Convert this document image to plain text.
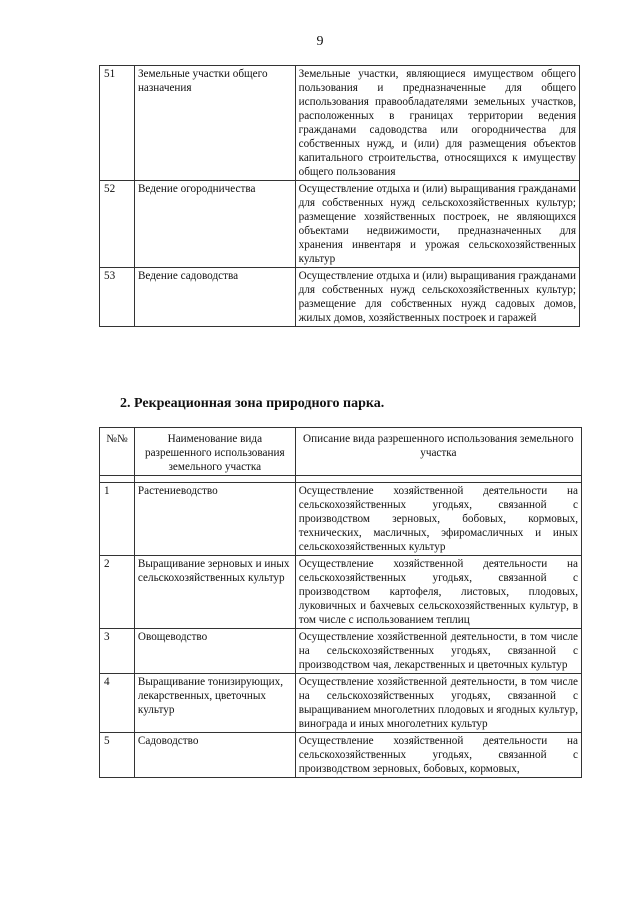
9
51	Земельные участки общего назначения	Земельные участки, являющиеся имуществом общего пользования и предназначенные для общего использования правообладателями земельных участков, расположенных в границах территории ведения гражданами садоводства или огородничества для собственных нужд, и (или) для размещения объектов капитального строительства, относящихся к имуществу общего пользования
52	Ведение огородничества	Осуществление отдыха и (или) выращивания гражданами для собственных нужд сельскохозяйственных культур; размещение хозяйственных построек, не являющихся объектами недвижимости, предназначенных для хранения инвентаря и урожая сельскохозяйственных культур
53	Ведение садоводства	Осуществление отдыха и (или) выращивания гражданами для собственных нужд сельскохозяйственных культур; размещение для собственных нужд садовых домов, жилых домов, хозяйственных построек и гаражей
2. Рекреационная зона природного парка.
№№	Наименование вида разрешенного использования земельного участка	Описание вида разрешенного использования земельного участка

1	Растениеводство	Осуществление хозяйственной деятельности на сельскохозяйственных угодьях, связанной с производством зерновых, бобовых, кормовых, технических, масличных, эфиромасличных и иных сельскохозяйственных культур
2	Выращивание зерновых и иных сельскохозяйственных культур	Осуществление хозяйственной деятельности на сельскохозяйственных угодьях, связанной с производством картофеля, листовых, плодовых, луковичных и бахчевых сельскохозяйственных культур, в том числе с использованием теплиц
3	Овощеводство	Осуществление хозяйственной деятельности, в том числе на сельскохозяйственных угодьях, связанной с производством чая, лекарственных и цветочных культур
4	Выращивание тонизирующих, лекарственных, цветочных культур	Осуществление хозяйственной деятельности, в том числе на сельскохозяйственных угодьях, связанной с выращиванием многолетних плодовых и ягодных культур, винограда и иных многолетних культур
5	Садоводство	Осуществление хозяйственной деятельности на сельскохозяйственных угодьях, связанной с производством зерновых, бобовых, кормовых,
